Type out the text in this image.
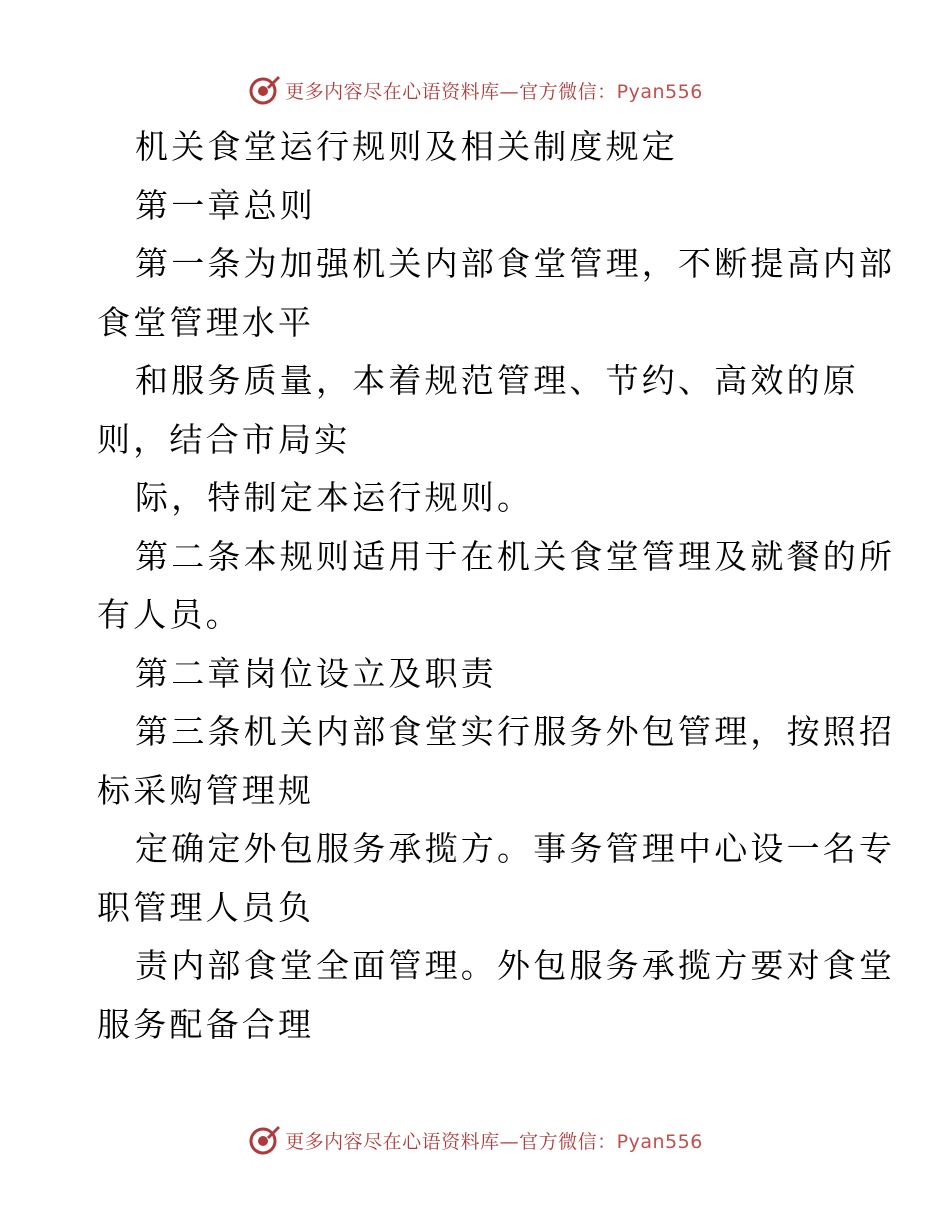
更多内容尽在心语资料库—官方微信：Pyan556

机关食堂运行规则及相关制度规定

第一章总则

第一条为加强机关内部食堂管理，不断提高内部

食堂管理水平

和服务质量，本着规范管理、节约、高效的原

则，结合市局实

际，特制定本运行规则。

第二条本规则适用于在机关食堂管理及就餐的所

有人员。

第二章岗位设立及职责

第三条机关内部食堂实行服务外包管理，按照招

标采购管理规

定确定外包服务承揽方。事务管理中心设一名专

职管理人员负

责内部食堂全面管理。外包服务承揽方要对食堂

服务配备合理

更多内容尽在心语资料库—官方微信：Pyan556
